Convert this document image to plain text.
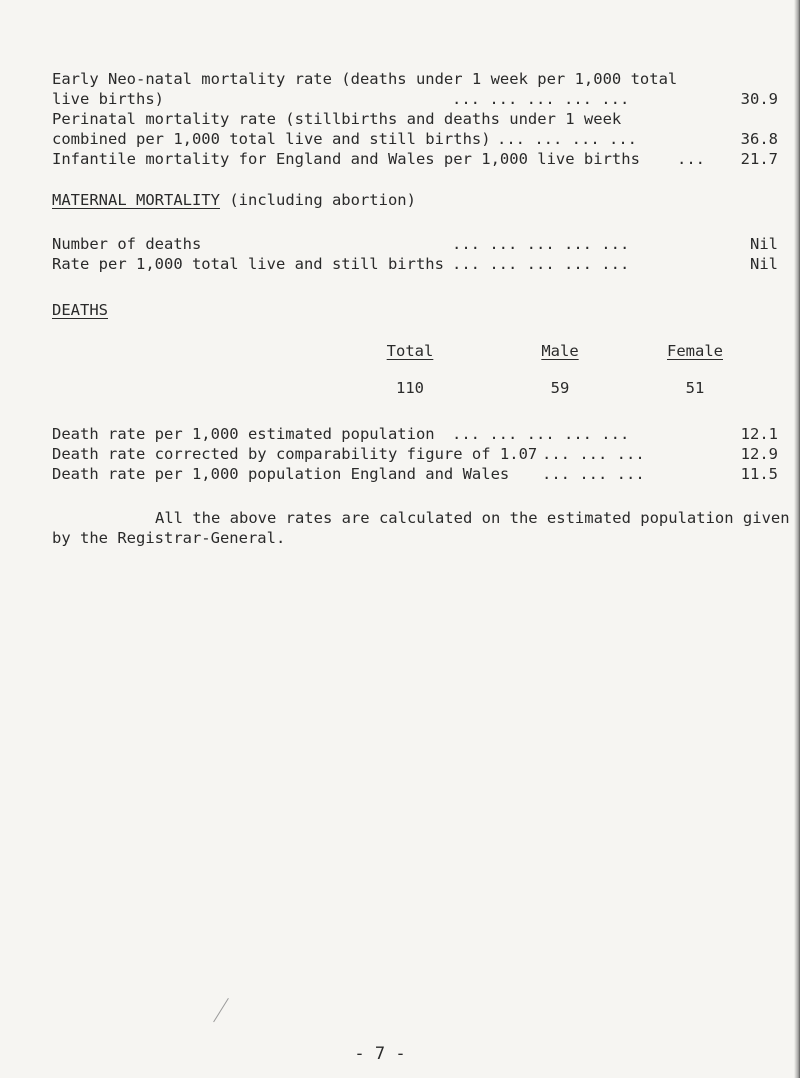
Early Neo-natal mortality rate (deaths under 1 week per 1,000 total
live births)	... ... ... ... ...	30.9
Perinatal mortality rate (stillbirths and deaths under 1 week
combined per 1,000 total live and still births) ... ... ... ...	36.8
Infantile mortality for England and Wales per 1,000 live births ... 21.7
MATERNAL MORTALITY (including abortion)
Number of deaths	... ... ... ... ...	Nil
Rate per 1,000 total live and still births ... ... ... ... ...	Nil
DEATHS
Total	Male	Female
110	59	51
Death rate per 1,000 estimated population ... ... ... ... ...	12.1
Death rate corrected by comparability figure of 1.07 ... ... ...	12.9
Death rate per 1,000 population England and Wales ... ... ...	11.5
All the above rates are calculated on the estimated population given
by the Registrar-General.
- 7 -
